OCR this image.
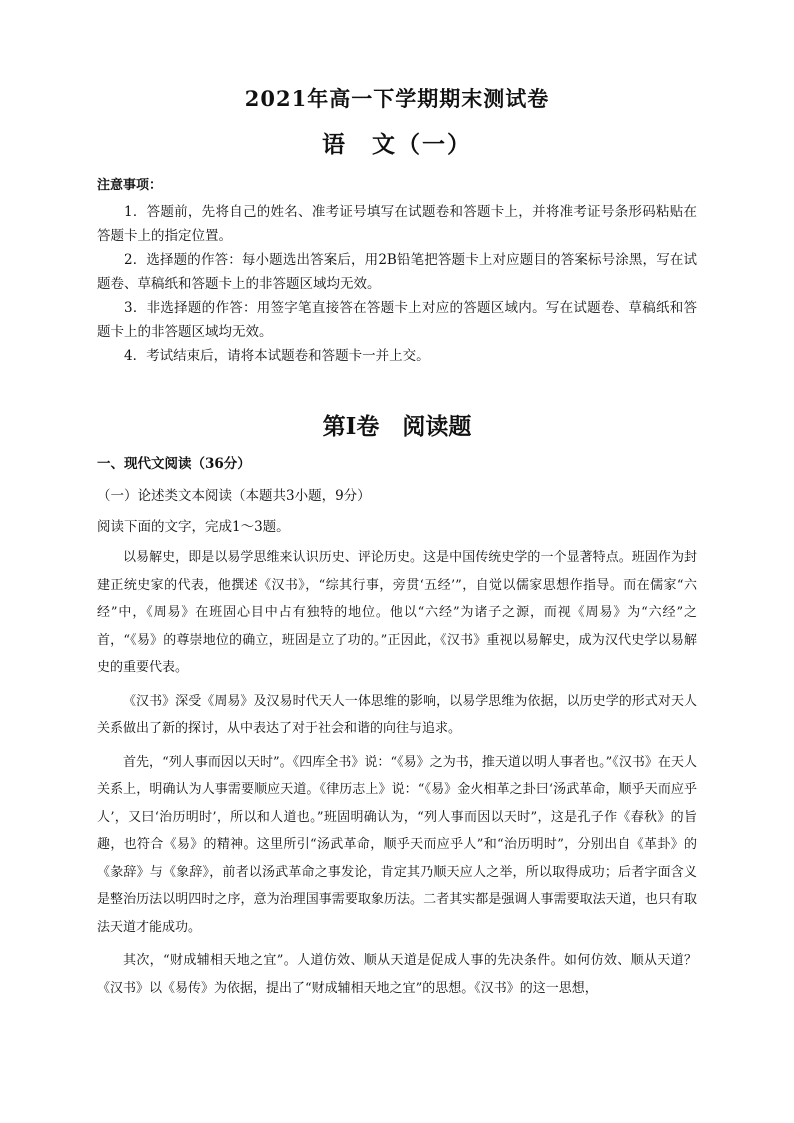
2021年高一下学期期末测试卷
语　文（一）
注意事项：

1．答题前，先将自己的姓名、准考证号填写在试题卷和答题卡上，并将准考证号条形码粘贴在答题卡上的指定位置。

2．选择题的作答：每小题选出答案后，用2B铅笔把答题卡上对应题目的答案标号涂黑，写在试题卷、草稿纸和答题卡上的非答题区域均无效。

3．非选择题的作答：用签字笔直接答在答题卡上对应的答题区域内。写在试题卷、草稿纸和答题卡上的非答题区域均无效。

4．考试结束后，请将本试题卷和答题卡一并上交。

第Ⅰ卷　阅读题
一、现代文阅读（36分）
（一）论述类文本阅读（本题共3小题，9分）
阅读下面的文字，完成1～3题。

以易解史，即是以易学思维来认识历史、评论历史。这是中国传统史学的一个显著特点。班固作为封建正统史家的代表，他撰述《汉书》，“综其行事，旁贯‘五经’”，自觉以儒家思想作指导。而在儒家“六经”中，《周易》在班固心目中占有独特的地位。他以“六经”为诸子之源，而视《周易》为“六经”之首，“《易》的尊崇地位的确立，班固是立了功的。”正因此，《汉书》重视以易解史，成为汉代史学以易解史的重要代表。

《汉书》深受《周易》及汉易时代天人一体思维的影响，以易学思维为依据，以历史学的形式对天人关系做出了新的探讨，从中表达了对于社会和谐的向往与追求。

首先，“列人事而因以天时”。《四库全书》说：“《易》之为书，推天道以明人事者也。”《汉书》在天人关系上，明确认为人事需要顺应天道。《律历志上》说：“《易》金火相革之卦曰‘汤武革命，顺乎天而应乎人’，又曰‘治历明时’，所以和人道也。”班固明确认为，“列人事而因以天时”，这是孔子作《春秋》的旨趣，也符合《易》的精神。这里所引“汤武革命，顺乎天而应乎人”和“治历明时”，分别出自《革卦》的《彖辞》与《象辞》，前者以汤武革命之事发论，肯定其乃顺天应人之举，所以取得成功；后者字面含义是整治历法以明四时之序，意为治理国事需要取象历法。二者其实都是强调人事需要取法天道，也只有取法天道才能成功。

其次，“财成辅相天地之宜”。人道仿效、顺从天道是促成人事的先决条件。如何仿效、顺从天道？《汉书》以《易传》为依据，提出了“财成辅相天地之宜”的思想。《汉书》的这一思想，
